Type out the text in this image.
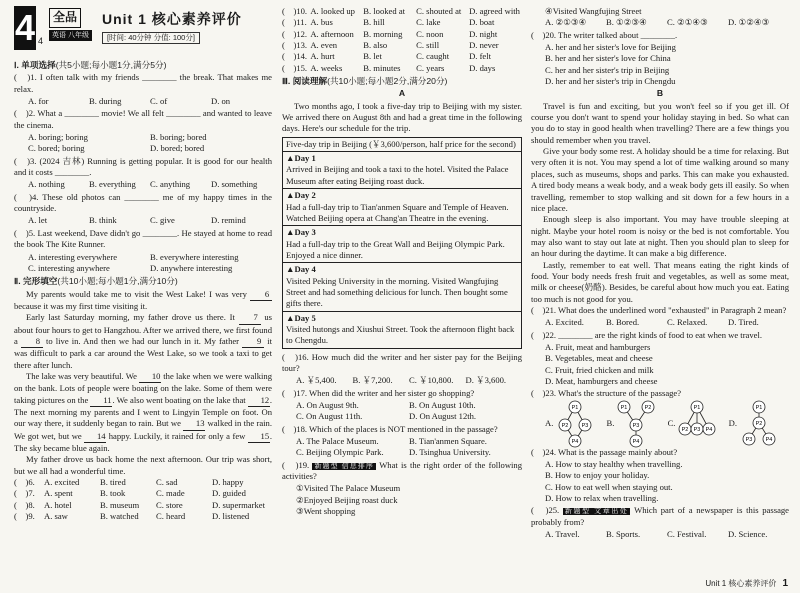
4 4
全品
英语 八年级
Unit 1 核心素养评价
[时间: 40分钟 分值: 100分]
Ⅰ. 单项选择(共5小题;每小题1分,满分5分)
(　)1. I often talk with my friends ________ the break. That makes me relax.
A. for	B. during	C. of	D. on
(　)2. What a ________ movie! We all felt ________ and wanted to leave the cinema.
A. boring; boring	B. boring; bored
C. bored; boring	D. bored; bored
(　)3. (2024 吉林) Running is getting popular. It is good for our health and it costs ________.
A. nothing	B. everything	C. anything	D. something
(　)4. These old photos can ________ me of my happy times in the countryside.
A. let	B. think	C. give	D. remind
(　)5. Last weekend, Dave didn't go ________. He stayed at home to read the book The Kite Runner.
A. interesting everywhere	B. everywhere interesting
C. interesting anywhere	D. anywhere interesting
Ⅱ. 完形填空(共10小题;每小题1分,满分10分)

My parents would take me to visit the West Lake! I was very 6 because it was my first time visiting it.

Early last Saturday morning, my father drove us there. It 7 us about four hours to get to Hangzhou. After we arrived there, we first found a 8 to live in. And then we had our lunch in it. My father 9 it was difficult to park a car around the West Lake, so we took a taxi to get there after lunch.

The lake was very beautiful. We 10 the lake when we were walking on the bank. Lots of people were boating on the lake. Some of them were taking pictures on the 11. We also went boating on the lake that 12. The next morning my parents and I went to Lingyin Temple on foot. On our way there, it suddenly began to rain. But we 13 walked in the rain. We got wet, but we 14 happy. Luckily, it rained for only a few 15. The sky became blue again.

My father drove us back home the next afternoon. Our trip was short, but we all had a wonderful time.

(　)6.	A. excited	B. tired	C. sad	D. happy
(　)7.	A. spent	B. took	C. made	D. guided
(　)8.	A. hotel	B. museum	C. store	D. supermarket
(　)9.	A. saw	B. watched	C. heard	D. listened
(　)10. A. looked up B. looked at	C. shouted at D. agreed with
(　)11. A. bus	B. hill	C. lake	D. boat
(　)12. A. afternoon	B. morning	C. noon	D. night
(　)13. A. even	B. also	C. still	D. never
(　)14. A. hurt	B. let	C. caught	D. felt
(　)15. A. weeks	B. minutes	C. years	D. days
Ⅲ. 阅读理解(共10小题;每小题2分,满分20分)
A

Two months ago, I took a five-day trip to Beijing with my sister. We arrived there on August 8th and had a great time in the following days. Here's our schedule for the trip.

Five-day trip in Beijing (￥3,600/person, half price for the second)
▲Day 1
Arrived in Beijing and took a taxi to the hotel. Visited the Palace Museum after eating Beijing roast duck.
▲Day 2
Had a full-day trip to Tian'anmen Square and Temple of Heaven. Watched Beijing opera at Chang'an Theatre in the evening.
▲Day 3
Had a full-day trip to the Great Wall and Beijing Olympic Park. Enjoyed a nice dinner.
▲Day 4
Visited Peking University in the morning. Visited Wangfujing Street and had something delicious for lunch. Then bought some gifts there.
▲Day 5
Visited hutongs and Xiushui Street. Took the afternoon flight back to Chengdu.
(　)16. How much did the writer and her sister pay for the Beijing tour?
A. ￥5,400.	B. ￥7,200.	C. ￥10,800.	D. ￥3,600.
(　)17. When did the writer and her sister go shopping?
A. On August 9th.	B. On August 10th.
C. On August 11th.	D. On August 12th.
(　)18. Which of the places is NOT mentioned in the passage?
A. The Palace Museum.	B. Tian'anmen Square.
C. Beijing Olympic Park.	D. Tsinghua University.
(　)19. 新题型 信息排序 What is the right order of the following activities?
①Visited The Palace Museum
②Enjoyed Beijing roast duck
③Went shopping
④Visited Wangfujing Street
A. ②①③④	B. ①②③④	C. ②①④③	D. ①②④③
(　)20. The writer talked about ________.
A. her and her sister's love for Beijing
B. her and her sister's love for China
C. her and her sister's trip in Beijing
D. her and her sister's trip in Chengdu
B

Travel is fun and exciting, but you won't feel so if you get ill. Of course you don't want to spend your holiday staying in bed. So what can you do to stay in good health when travelling? There are a few things you should remember when you travel.

Give your body some rest. A holiday should be a time for relaxing. But very often it is not. You may spend a lot of time walking around so many places, such as museums, shops and parks. This can make you exhausted. A tired body means a weak body, and a weak body gets ill easily. So when travelling, remember to stop walking and sit down for a few hours in a nice place.

Enough sleep is also important. You may have trouble sleeping at night. Maybe your hotel room is noisy or the bed is not comfortable. You may also want to stay out late at night. Then you should plan to sleep for an hour during the daytime. It can make a big difference.

Lastly, remember to eat well. That means eating the right kinds of food. Your body needs fresh fruit and vegetables, as well as some meat, milk or cheese(奶酪). Besides, be careful about how much you eat. Eating too much is not good for you.

(　)21. What does the underlined word "exhausted" in Paragraph 2 mean?
A. Excited.	B. Bored.	C. Relaxed.	D. Tired.
(　)22. ________ are the right kinds of food to eat when we travel.
A. Fruit, meat and hamburgers
B. Vegetables, meat and cheese
C. Fruit, fried chicken and milk
D. Meat, hamburgers and cheese
(　)23. What's the structure of the passage?
A.
P1
P2 P3
P4
B.
P1	P2
P3
P4
C.
P1
P2 P3 P4
D.
P1
P2
P3 P4
(　)24. What is the passage mainly about?
A. How to stay healthy when travelling.
B. How to enjoy your holiday.
C. How to eat well when staying out.
D. How to relax when travelling.
(　)25. 新题型 文章出处 Which part of a newspaper is this passage probably from?
A. Travel.	B. Sports.	C. Festival.	D. Science.
Unit 1 核心素养评价 1
